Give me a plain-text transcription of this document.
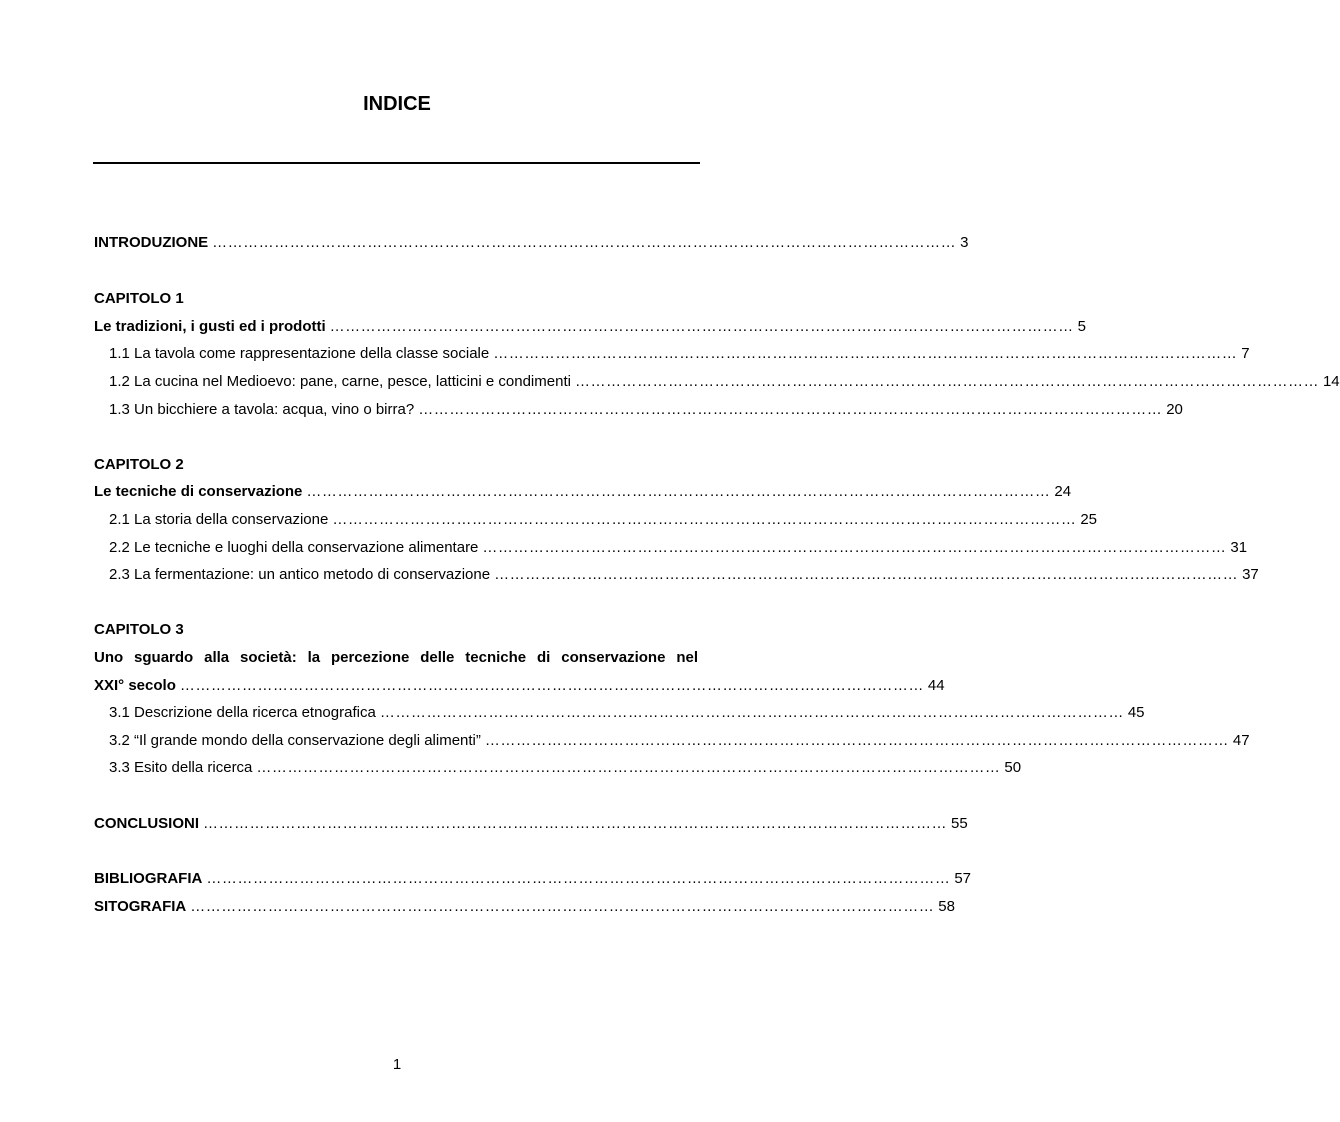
INDICE
INTRODUZIONE ……………………………………………………………………………………………………………………………… 3
CAPITOLO 1
Le tradizioni, i gusti ed i prodotti ……………………………………………………………………………………………………………………………… 5
1.1 La tavola come rappresentazione della classe sociale ……………………………………………………………………………………………………………………………… 7
1.2 La cucina nel Medioevo: pane, carne, pesce, latticini e condimenti ……………………………………………………………………………………………………………………………… 14
1.3 Un bicchiere a tavola: acqua, vino o birra? ……………………………………………………………………………………………………………………………… 20
CAPITOLO 2
Le tecniche di conservazione ……………………………………………………………………………………………………………………………… 24
2.1 La storia della conservazione ……………………………………………………………………………………………………………………………… 25
2.2 Le tecniche e luoghi della conservazione alimentare ……………………………………………………………………………………………………………………………… 31
2.3 La fermentazione: un antico metodo di conservazione ……………………………………………………………………………………………………………………………… 37
CAPITOLO 3
Uno sguardo alla società: la percezione delle tecniche di conservazione nel
XXI° secolo ……………………………………………………………………………………………………………………………… 44
3.1 Descrizione della ricerca etnografica ……………………………………………………………………………………………………………………………… 45
3.2 “Il grande mondo della conservazione degli alimenti” ……………………………………………………………………………………………………………………………… 47
3.3 Esito della ricerca ……………………………………………………………………………………………………………………………… 50
CONCLUSIONI ……………………………………………………………………………………………………………………………… 55
BIBLIOGRAFIA ……………………………………………………………………………………………………………………………… 57
SITOGRAFIA ……………………………………………………………………………………………………………………………… 58
1
